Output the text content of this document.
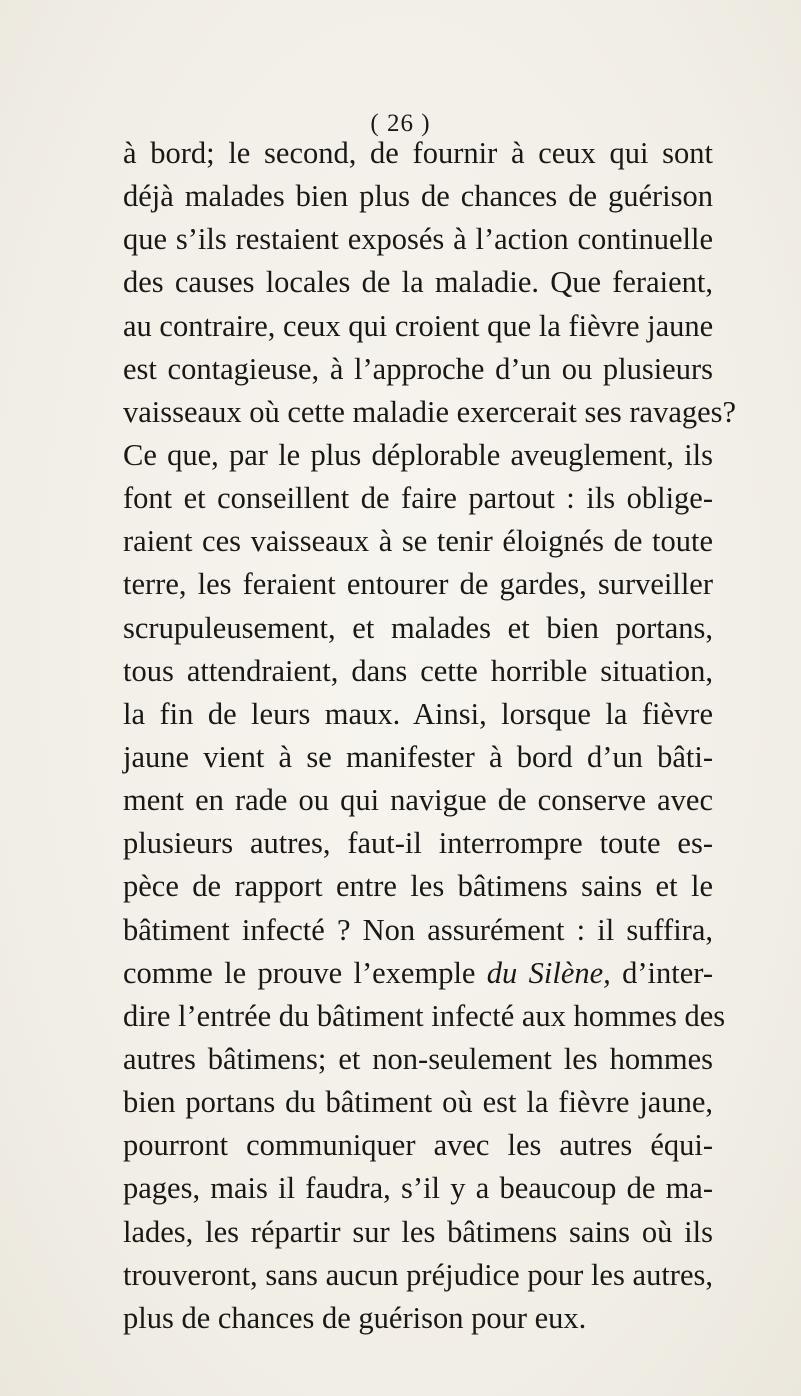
( 26 )
à bord; le second, de fournir à ceux qui sont
déjà malades bien plus de chances de guérison
que s’ils restaient exposés à l’action continuelle
des causes locales de la maladie. Que feraient,
au contraire, ceux qui croient que la fièvre jaune
est contagieuse, à l’approche d’un ou plusieurs
vaisseaux où cette maladie exercerait ses ravages?
Ce que, par le plus déplorable aveuglement, ils
font et conseillent de faire partout : ils oblige-
raient ces vaisseaux à se tenir éloignés de toute
terre, les feraient entourer de gardes, surveiller
scrupuleusement, et malades et bien portans,
tous attendraient, dans cette horrible situation,
la fin de leurs maux. Ainsi, lorsque la fièvre
jaune vient à se manifester à bord d’un bâti-
ment en rade ou qui navigue de conserve avec
plusieurs autres, faut-il interrompre toute es-
pèce de rapport entre les bâtimens sains et le
bâtiment infecté ? Non assurément : il suffira,
comme le prouve l’exemple du Silène, d’inter-
dire l’entrée du bâtiment infecté aux hommes des
autres bâtimens; et non-seulement les hommes
bien portans du bâtiment où est la fièvre jaune,
pourront communiquer avec les autres équi-
pages, mais il faudra, s’il y a beaucoup de ma-
lades, les répartir sur les bâtimens sains où ils
trouveront, sans aucun préjudice pour les autres,
plus de chances de guérison pour eux.
